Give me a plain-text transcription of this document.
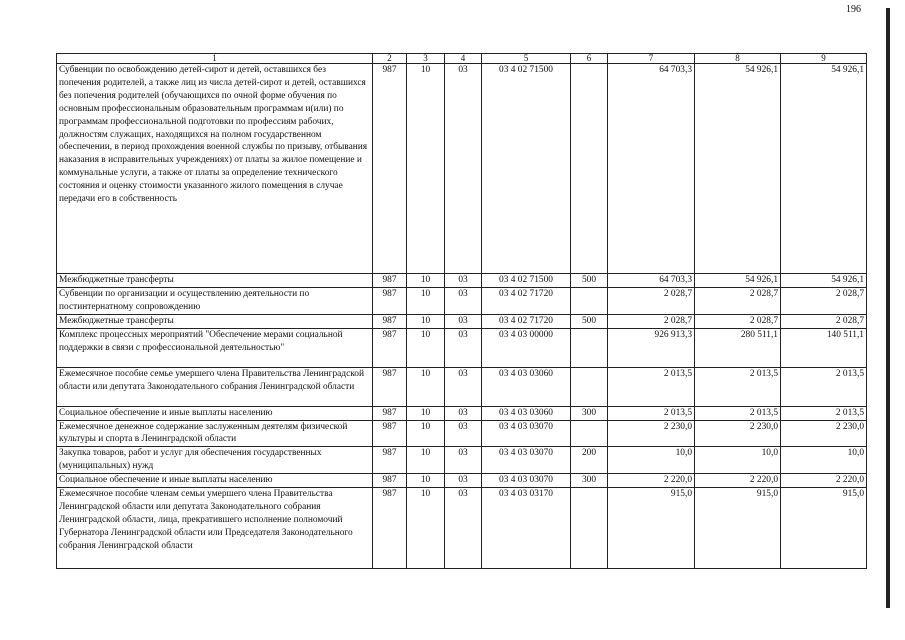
196
1	2	3	4	5	6	7	8	9
Субвенции по освобождению детей-сирот и детей, оставшихся без попечения родителей, а также лиц из числа детей-сирот и детей, оставшихся без попечения родителей (обучающихся по очной форме обучения по основным профессиональным образовательным программам и(или) по программам профессиональной подготовки по профессиям рабочих, должностям служащих, находящихся на полном государственном обеспечении, в период прохождения военной службы по призыву, отбывания наказания в исправительных учреждениях) от платы за жилое помещение и коммунальные услуги, а также от платы за определение технического состояния и оценку стоимости указанного жилого помещения в случае передачи его в собственность	987	10	03	03 4 02 71500		64 703,3	54 926,1	54 926,1
Межбюджетные трансферты	987	10	03	03 4 02 71500	500	64 703,3	54 926,1	54 926,1
Субвенции по организации и осуществлению деятельности по постинтернатному сопровождению	987	10	03	03 4 02 71720		2 028,7	2 028,7	2 028,7
Межбюджетные трансферты	987	10	03	03 4 02 71720	500	2 028,7	2 028,7	2 028,7
Комплекс процессных мероприятий "Обеспечение мерами социальной поддержки в связи с профессиональной деятельностью"	987	10	03	03 4 03 00000		926 913,3	280 511,1	140 511,1
Ежемесячное пособие семье умершего члена Правительства Ленинградской области или депутата Законодательного собрания Ленинградской области	987	10	03	03 4 03 03060		2 013,5	2 013,5	2 013,5
Социальное обеспечение и иные выплаты населению	987	10	03	03 4 03 03060	300	2 013,5	2 013,5	2 013,5
Ежемесячное денежное содержание заслуженным деятелям физической культуры и спорта в Ленинградской области	987	10	03	03 4 03 03070		2 230,0	2 230,0	2 230,0
Закупка товаров, работ и услуг для обеспечения государственных (муниципальных) нужд	987	10	03	03 4 03 03070	200	10,0	10,0	10,0
Социальное обеспечение и иные выплаты населению	987	10	03	03 4 03 03070	300	2 220,0	2 220,0	2 220,0
Ежемесячное пособие членам семьи умершего члена Правительства Ленинградской области или депутата Законодательного собрания Ленинградской области, лица, прекратившего исполнение полномочий Губернатора Ленинградской области или Председателя Законодательного собрания Ленинградской области	987	10	03	03 4 03 03170		915,0	915,0	915,0
